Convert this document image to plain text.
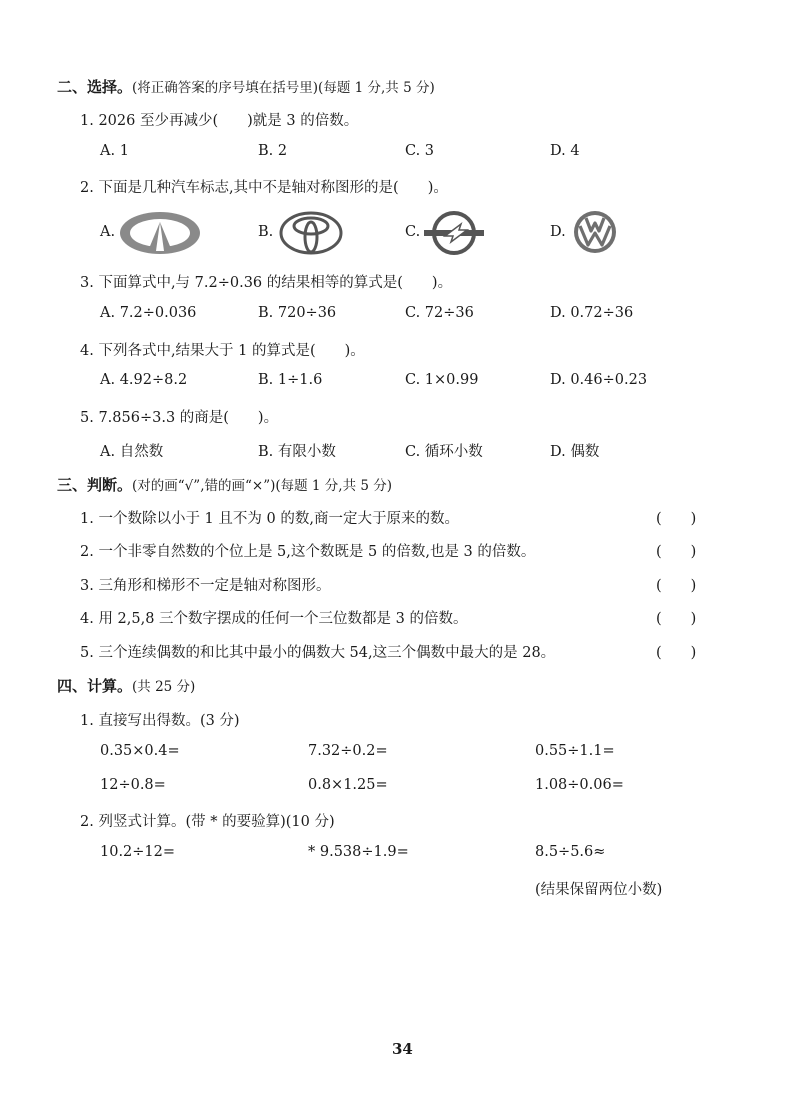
二、选择。(将正确答案的序号填在括号里)(每题 1 分,共 5 分)
1. 2026 至少再减少(　　)就是 3 的倍数。
A. 1	B. 2	C. 3	D. 4
2. 下面是几种汽车标志,其中不是轴对称图形的是(　　)。
A.	B.	C.	D.
3. 下面算式中,与 7.2÷0.36 的结果相等的算式是(　　)。
A. 7.2÷0.036	B. 720÷36	C. 72÷36	D. 0.72÷36
4. 下列各式中,结果大于 1 的算式是(　　)。
A. 4.92÷8.2	B. 1÷1.6	C. 1×0.99	D. 0.46÷0.23
5. 7.856÷3.3 的商是(　　)。
A. 自然数	B. 有限小数	C. 循环小数	D. 偶数
三、判断。(对的画“√”,错的画“×”)(每题 1 分,共 5 分)
1. 一个数除以小于 1 且不为 0 的数,商一定大于原来的数。	(　　)
2. 一个非零自然数的个位上是 5,这个数既是 5 的倍数,也是 3 的倍数。	(　　)
3. 三角形和梯形不一定是轴对称图形。	(　　)
4. 用 2,5,8 三个数字摆成的任何一个三位数都是 3 的倍数。	(　　)
5. 三个连续偶数的和比其中最小的偶数大 54,这三个偶数中最大的是 28。	(　　)
四、计算。(共 25 分)
1. 直接写出得数。(3 分)
0.35×0.4=	7.32÷0.2=	0.55÷1.1=
12÷0.8=	0.8×1.25=	1.08÷0.06=
2. 列竖式计算。(带 * 的要验算)(10 分)
10.2÷12=	* 9.538÷1.9=	8.5÷5.6≈
(结果保留两位小数)
34
